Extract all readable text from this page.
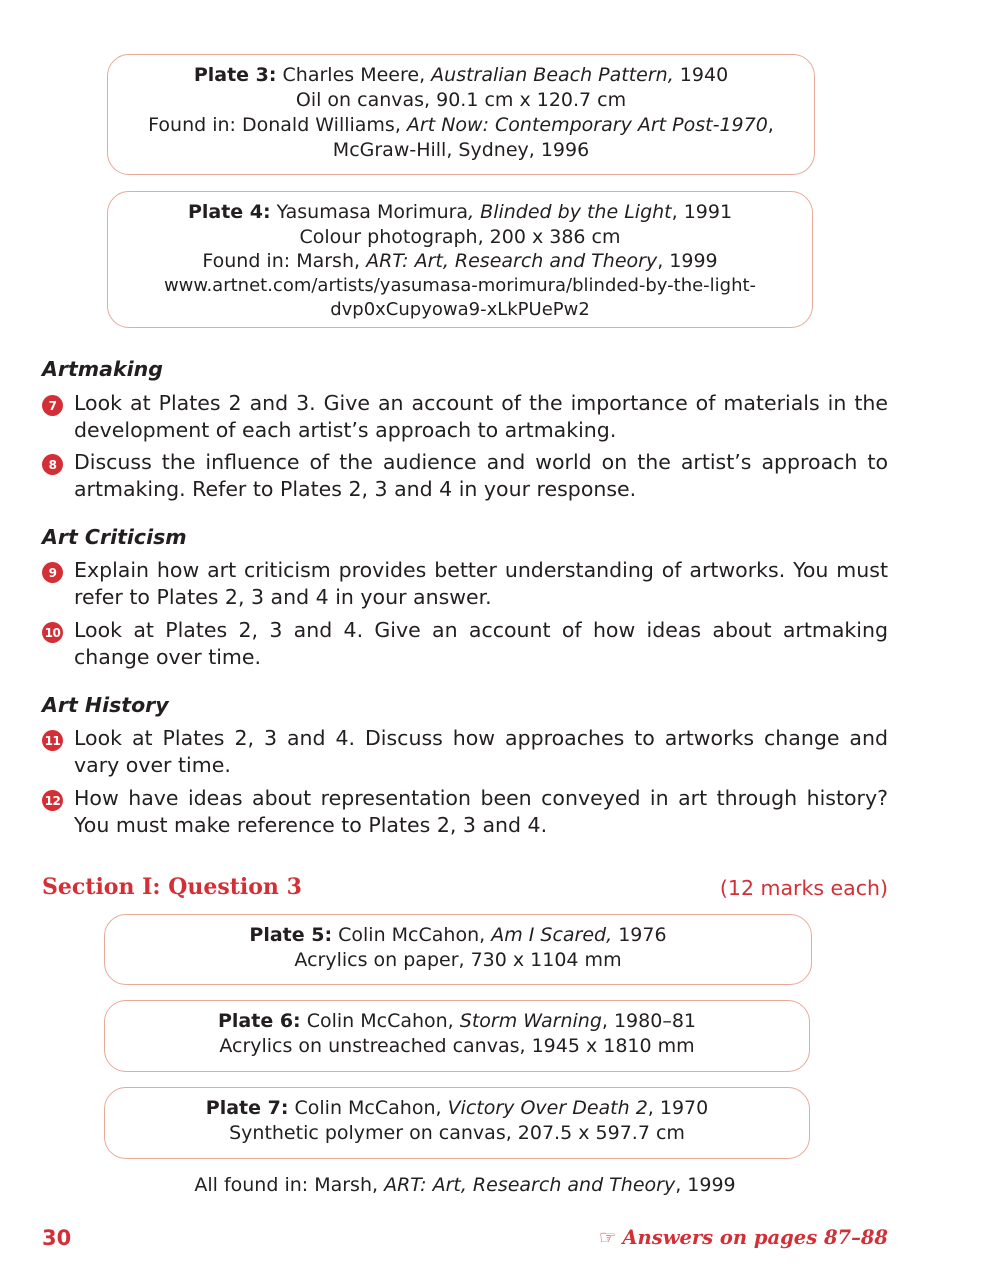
Plate 3: Charles Meere, Australian Beach Pattern, 1940
Oil on canvas, 90.1 cm x 120.7 cm
Found in: Donald Williams, Art Now: Contemporary Art Post-1970,
McGraw-Hill, Sydney, 1996
Plate 4: Yasumasa Morimura, Blinded by the Light, 1991
Colour photograph, 200 x 386 cm
Found in: Marsh, ART: Art, Research and Theory, 1999
www.artnet.com/artists/yasumasa-morimura/blinded-by-the-light-
dvp0xCupyowa9-xLkPUePw2
Artmaking
7 Look at Plates 2 and 3. Give an account of the importance of materials in the development of each artist’s approach to artmaking.
8 Discuss the influence of the audience and world on the artist’s approach to artmaking. Refer to Plates 2, 3 and 4 in your response.
Art Criticism
9 Explain how art criticism provides better understanding of artworks. You must refer to Plates 2, 3 and 4 in your answer.
10 Look at Plates 2, 3 and 4. Give an account of how ideas about artmaking change over time.
Art History
11 Look at Plates 2, 3 and 4. Discuss how approaches to artworks change and vary over time.
12 How have ideas about representation been conveyed in art through history? You must make reference to Plates 2, 3 and 4.
Section I: Question 3	(12 marks each)
Plate 5: Colin McCahon, Am I Scared, 1976
Acrylics on paper, 730 x 1104 mm
Plate 6: Colin McCahon, Storm Warning, 1980–81
Acrylics on unstreached canvas, 1945 x 1810 mm
Plate 7: Colin McCahon, Victory Over Death 2, 1970
Synthetic polymer on canvas, 207.5 x 597.7 cm
All found in: Marsh, ART: Art, Research and Theory, 1999
30	☞ Answers on pages 87–88
